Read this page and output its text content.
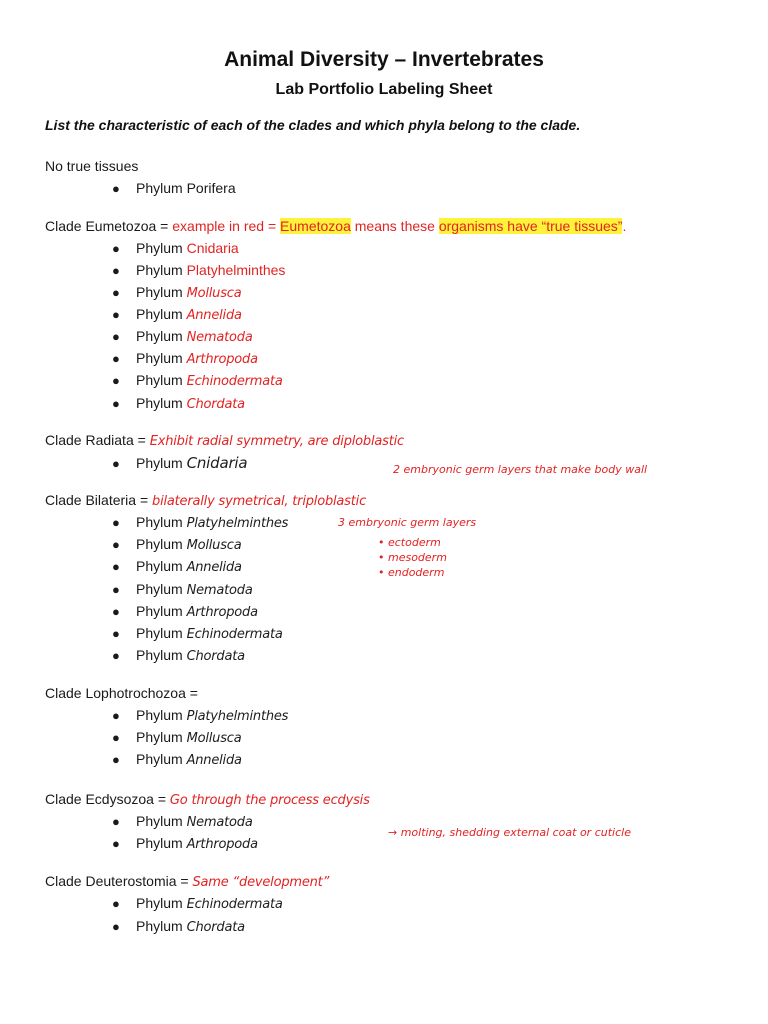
Animal Diversity – Invertebrates
Lab Portfolio Labeling Sheet
List the characteristic of each of the clades and which phyla belong to the clade.
No true tissues
● Phylum Porifera
Clade Eumetozoa = example in red = Eumetozoa means these organisms have “true tissues”.
● Phylum Cnidaria
● Phylum Platyhelminthes
● Phylum Mollusca
● Phylum Annelida
● Phylum Nematoda
● Phylum Arthropoda
● Phylum Echinodermata
● Phylum Chordata
Clade Radiata = Exhibit radial symmetry, are diploblastic
● Phylum Cnidaria	2 embryonic germ layers that make body wall
Clade Bilateria = bilaterally symetrical, triploblastic
● Phylum Platyhelminthes	3 embryonic germ layers
• ectoderm
• mesoderm
• endoderm
● Phylum Mollusca
● Phylum Annelida
● Phylum Nematoda
● Phylum Arthropoda
● Phylum Echinodermata
● Phylum Chordata
Clade Lophotrochozoa =
● Phylum Platyhelminthes
● Phylum Mollusca
● Phylum Annelida
Clade Ecdysozoa = Go through the process ecdysis
● Phylum Nematoda
→ molting, shedding external coat or cuticle
● Phylum Arthropoda
Clade Deuterostomia = Same “development”
● Phylum Echinodermata
● Phylum Chordata
